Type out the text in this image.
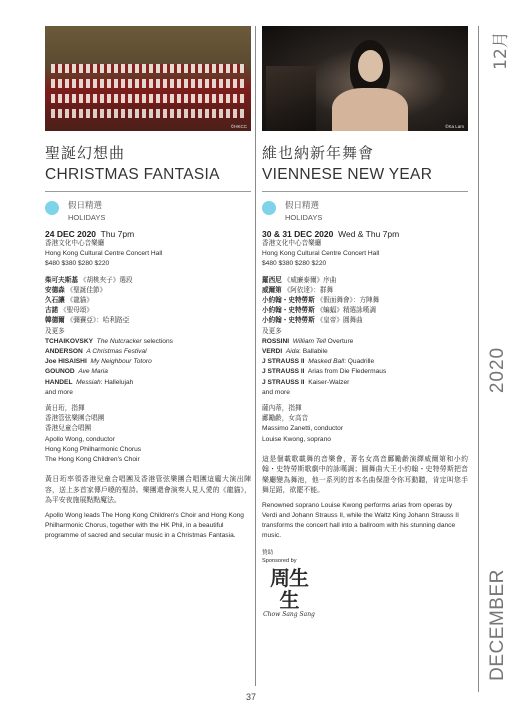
©HKCC
聖誕幻想曲
CHRISTMAS FANTASIA
假日精選
HOLIDAYS
24 DEC 2020 Thu 7pm
香港文化中心音樂廳
Hong Kong Cultural Centre Concert Hall
$480 $380 $280 $220
柴可夫斯基 《胡桃夾子》選段
安德森 《聖誕佳節》
久石讓 《龍貓》
古諾 《聖母頌》
韓德爾 《彌賽亞》：哈利路亞
及更多
TCHAIKOVSKY The Nutcracker selections
ANDERSON A Christmas Festival
Joe HISAISHI My Neighbour Totoro
GOUNOD Ave Maria
HANDEL Messiah: Hallelujah
and more
黃日珩，指揮
香港管弦樂團合唱團
香港兒童合唱團
Apollo Wong, conductor
Hong Kong Philharmonic Chorus
The Hong Kong Children's Choir
黃日珩率領香港兒童合唱團及香港管弦樂團合唱團這龐大演出陣容，送上多首家傳戶曉的聖詩。樂團還會演奏人見人愛的《龍貓》，為平安夜施展點點魔法。
Apollo Wong leads The Hong Kong Children's Choir and Hong Kong Philharmonic Chorus, together with the HK Phil, in a beautiful programme of sacred and secular music in a Christmas Fantasia.
©Ka Lam
維也納新年舞會
VIENNESE NEW YEAR
假日精選
HOLIDAYS
30 & 31 DEC 2020 Wed & Thu 7pm
香港文化中心音樂廳
Hong Kong Cultural Centre Concert Hall
$480 $380 $280 $220
羅西尼 《威廉泰爾》序曲
威爾第 《阿依達》：群舞
小約翰・史特勞斯 《假面舞會》：方陣舞
小約翰・史特勞斯 《蝙蝠》精選詠嘆調
小約翰・史特勞斯 《皇帝》圓舞曲
及更多
ROSSINI William Tell Overture
VERDI Aida: Ballabile
J STRAUSS II Masked Ball: Quadrille
J STRAUSS II Arias from Die Fledermaus
J STRAUSS II Kaiser-Walzer
and more
薩內蒂，指揮
鄺勵齡，女高音
Massimo Zanetti, conductor
Louise Kwong, soprano
這是個載歌載舞的音樂會，著名女高音鄺勵齡演繹威爾第和小約翰・史特勞斯歌劇中的詠嘆調；圓舞曲大王小約翰・史特勞斯把音樂廳變為舞池，他一系列的首本名曲保證令你耳動聽，肯定叫您手舞足蹈，欲罷不能。
Renowned soprano Louise Kwong performs arias from operas by Verdi and Johann Strauss II, while the Waltz King Johann Strauss II transforms the concert hall into a ballroom with his stunning dance music.
贊助
Sponsored by
周生生
Chow Sang Sang
37
12月
2020
DECEMBER
